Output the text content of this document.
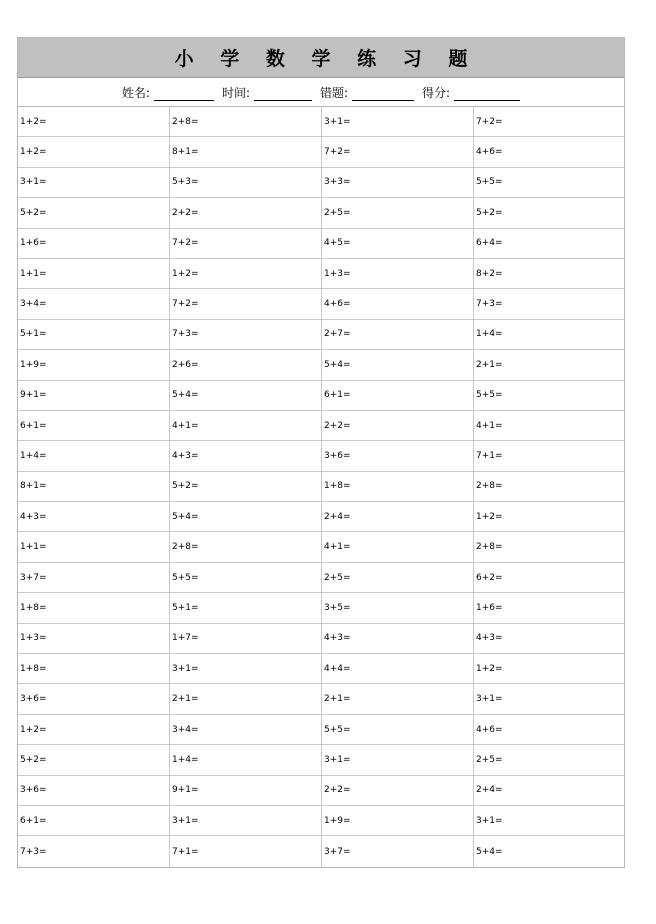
小 学 数 学 练 习 题
姓名:	时间:	错题:	得分:
1+2=	2+8=	3+1=	7+2=
1+2=	8+1=	7+2=	4+6=
3+1=	5+3=	3+3=	5+5=
5+2=	2+2=	2+5=	5+2=
1+6=	7+2=	4+5=	6+4=
1+1=	1+2=	1+3=	8+2=
3+4=	7+2=	4+6=	7+3=
5+1=	7+3=	2+7=	1+4=
1+9=	2+6=	5+4=	2+1=
9+1=	5+4=	6+1=	5+5=
6+1=	4+1=	2+2=	4+1=
1+4=	4+3=	3+6=	7+1=
8+1=	5+2=	1+8=	2+8=
4+3=	5+4=	2+4=	1+2=
1+1=	2+8=	4+1=	2+8=
3+7=	5+5=	2+5=	6+2=
1+8=	5+1=	3+5=	1+6=
1+3=	1+7=	4+3=	4+3=
1+8=	3+1=	4+4=	1+2=
3+6=	2+1=	2+1=	3+1=
1+2=	3+4=	5+5=	4+6=
5+2=	1+4=	3+1=	2+5=
3+6=	9+1=	2+2=	2+4=
6+1=	3+1=	1+9=	3+1=
7+3=	7+1=	3+7=	5+4=
